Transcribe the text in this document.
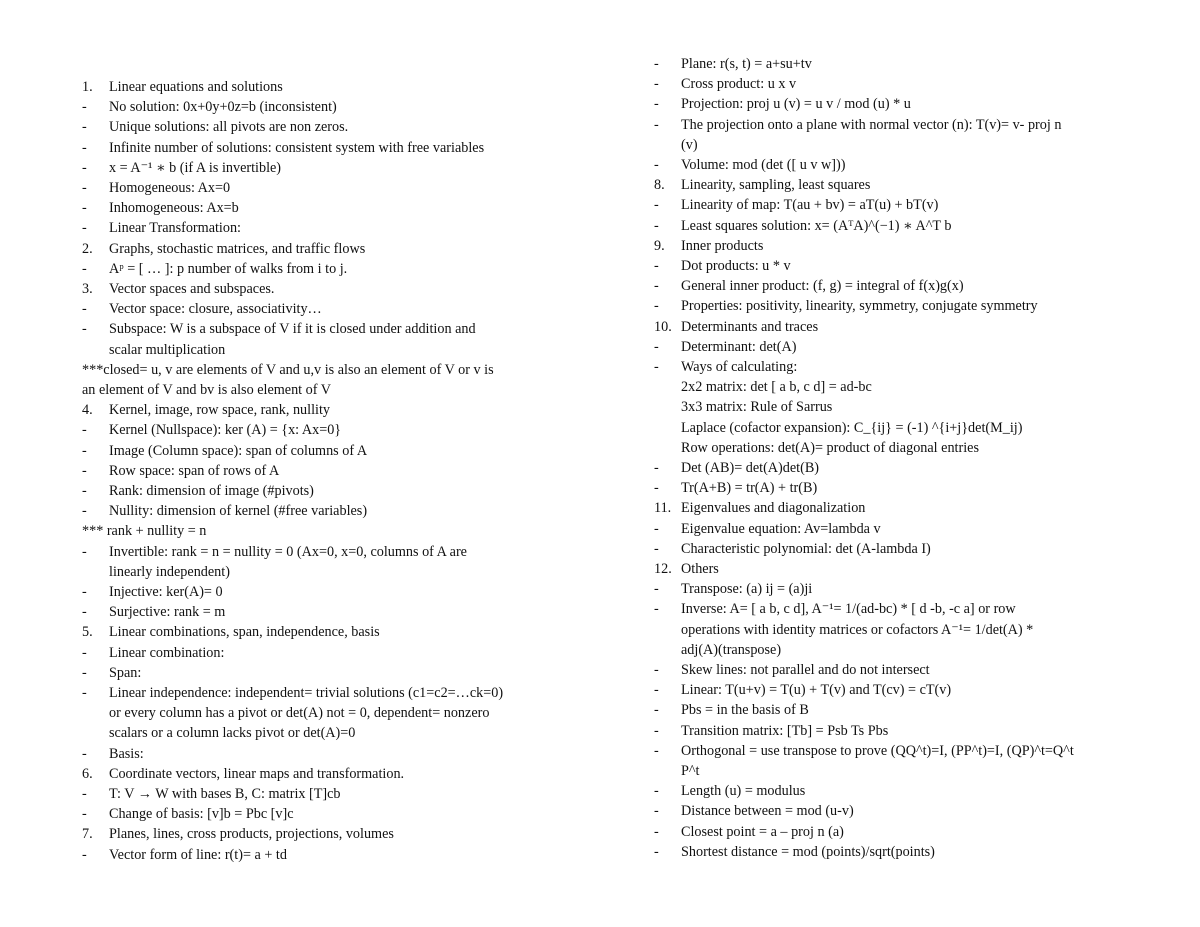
1. Linear equations and solutions
- No solution: 0x+0y+0z=b (inconsistent)
- Unique solutions: all pivots are non zeros.
- Infinite number of solutions: consistent system with free variables
- x = A⁻¹ ∗ b (if A is invertible)
- Homogeneous: Ax=0
- Inhomogeneous: Ax=b
- Linear Transformation:
2. Graphs, stochastic matrices, and traffic flows
- Aᵖ = [ … ]: p number of walks from i to j.
3. Vector spaces and subspaces.
- Vector space: closure, associativity…
- Subspace: W is a subspace of V if it is closed under addition and
scalar multiplication
***closed= u, v are elements of V and u,v is also an element of V or v is
an element of V and bv is also element of V
4. Kernel, image, row space, rank, nullity
- Kernel (Nullspace): ker (A) = {x: Ax=0}
- Image (Column space): span of columns of A
- Row space: span of rows of A
- Rank: dimension of image (#pivots)
- Nullity: dimension of kernel (#free variables)
*** rank + nullity = n
- Invertible: rank = n = nullity = 0 (Ax=0, x=0, columns of A are
linearly independent)
- Injective: ker(A)= 0
- Surjective: rank = m
5. Linear combinations, span, independence, basis
- Linear combination:
- Span:
- Linear independence: independent= trivial solutions (c1=c2=…ck=0)
or every column has a pivot or det(A) not = 0, dependent= nonzero
scalars or a column lacks pivot or det(A)=0
- Basis:
6. Coordinate vectors, linear maps and transformation.
- T: V → W with bases B, C: matrix [T]cb
- Change of basis: [v]b = Pbc [v]c
7. Planes, lines, cross products, projections, volumes
- Vector form of line: r(t)= a + td
- Plane: r(s, t) = a+su+tv
- Cross product: u x v
- Projection: proj u (v) = u v / mod (u) * u
- The projection onto a plane with normal vector (n): T(v)= v- proj n
(v)
- Volume: mod (det ([ u v w]))
8. Linearity, sampling, least squares
- Linearity of map: T(au + bv) = aT(u) + bT(v)
- Least squares solution: x= (AᵀA)^(−1) ∗ A^T b
9. Inner products
- Dot products: u * v
- General inner product: (f, g) = integral of f(x)g(x)
- Properties: positivity, linearity, symmetry, conjugate symmetry
10. Determinants and traces
- Determinant: det(A)
- Ways of calculating:
2x2 matrix: det [ a b, c d] = ad-bc
3x3 matrix: Rule of Sarrus
Laplace (cofactor expansion): C_{ij} = (-1) ^{i+j}det(M_ij)
Row operations: det(A)= product of diagonal entries
- Det (AB)= det(A)det(B)
- Tr(A+B) = tr(A) + tr(B)
11. Eigenvalues and diagonalization
- Eigenvalue equation: Av=lambda v
- Characteristic polynomial: det (A-lambda I)
12. Others
- Transpose: (a) ij = (a)ji
- Inverse: A= [ a b, c d], A⁻¹= 1/(ad-bc) * [ d -b, -c a] or row
operations with identity matrices or cofactors A⁻¹= 1/det(A) *
adj(A)(transpose)
- Skew lines: not parallel and do not intersect
- Linear: T(u+v) = T(u) + T(v) and T(cv) = cT(v)
- Pbs = in the basis of B
- Transition matrix: [Tb] = Psb Ts Pbs
- Orthogonal = use transpose to prove (QQ^t)=I, (PP^t)=I, (QP)^t=Q^t
P^t
- Length (u) = modulus
- Distance between = mod (u-v)
- Closest point = a – proj n (a)
- Shortest distance = mod (points)/sqrt(points)
